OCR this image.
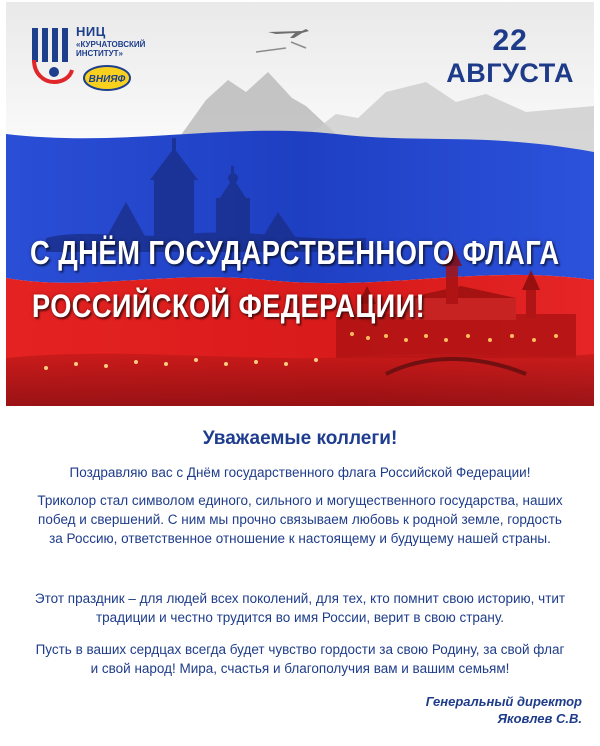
НИЦ
«КУРЧАТОВСКИЙ ИНСТИТУТ»
ВНИЯФ
22
АВГУСТА
С ДНЁМ ГОСУДАРСТВЕННОГО ФЛАГА
РОССИЙСКОЙ ФЕДЕРАЦИИ!
Уважаемые коллеги!

Поздравляю вас с Днём государственного флага Российской Федерации!

Триколор стал символом единого, сильного и могущественного государства, наших побед и свершений. С ним мы прочно связываем любовь к родной земле, гордость за Россию, ответственное отношение к настоящему и будущему нашей страны.

Этот праздник – для людей всех поколений, для тех, кто помнит свою историю, чтит традиции и честно трудится во имя России, верит в свою страну.

Пусть в ваших сердцах всегда будет чувство гордости за свою Родину, за свой флаг и свой народ! Мира, счастья и благополучия вам и вашим семьям!

Генеральный директор
Яковлев С.В.
